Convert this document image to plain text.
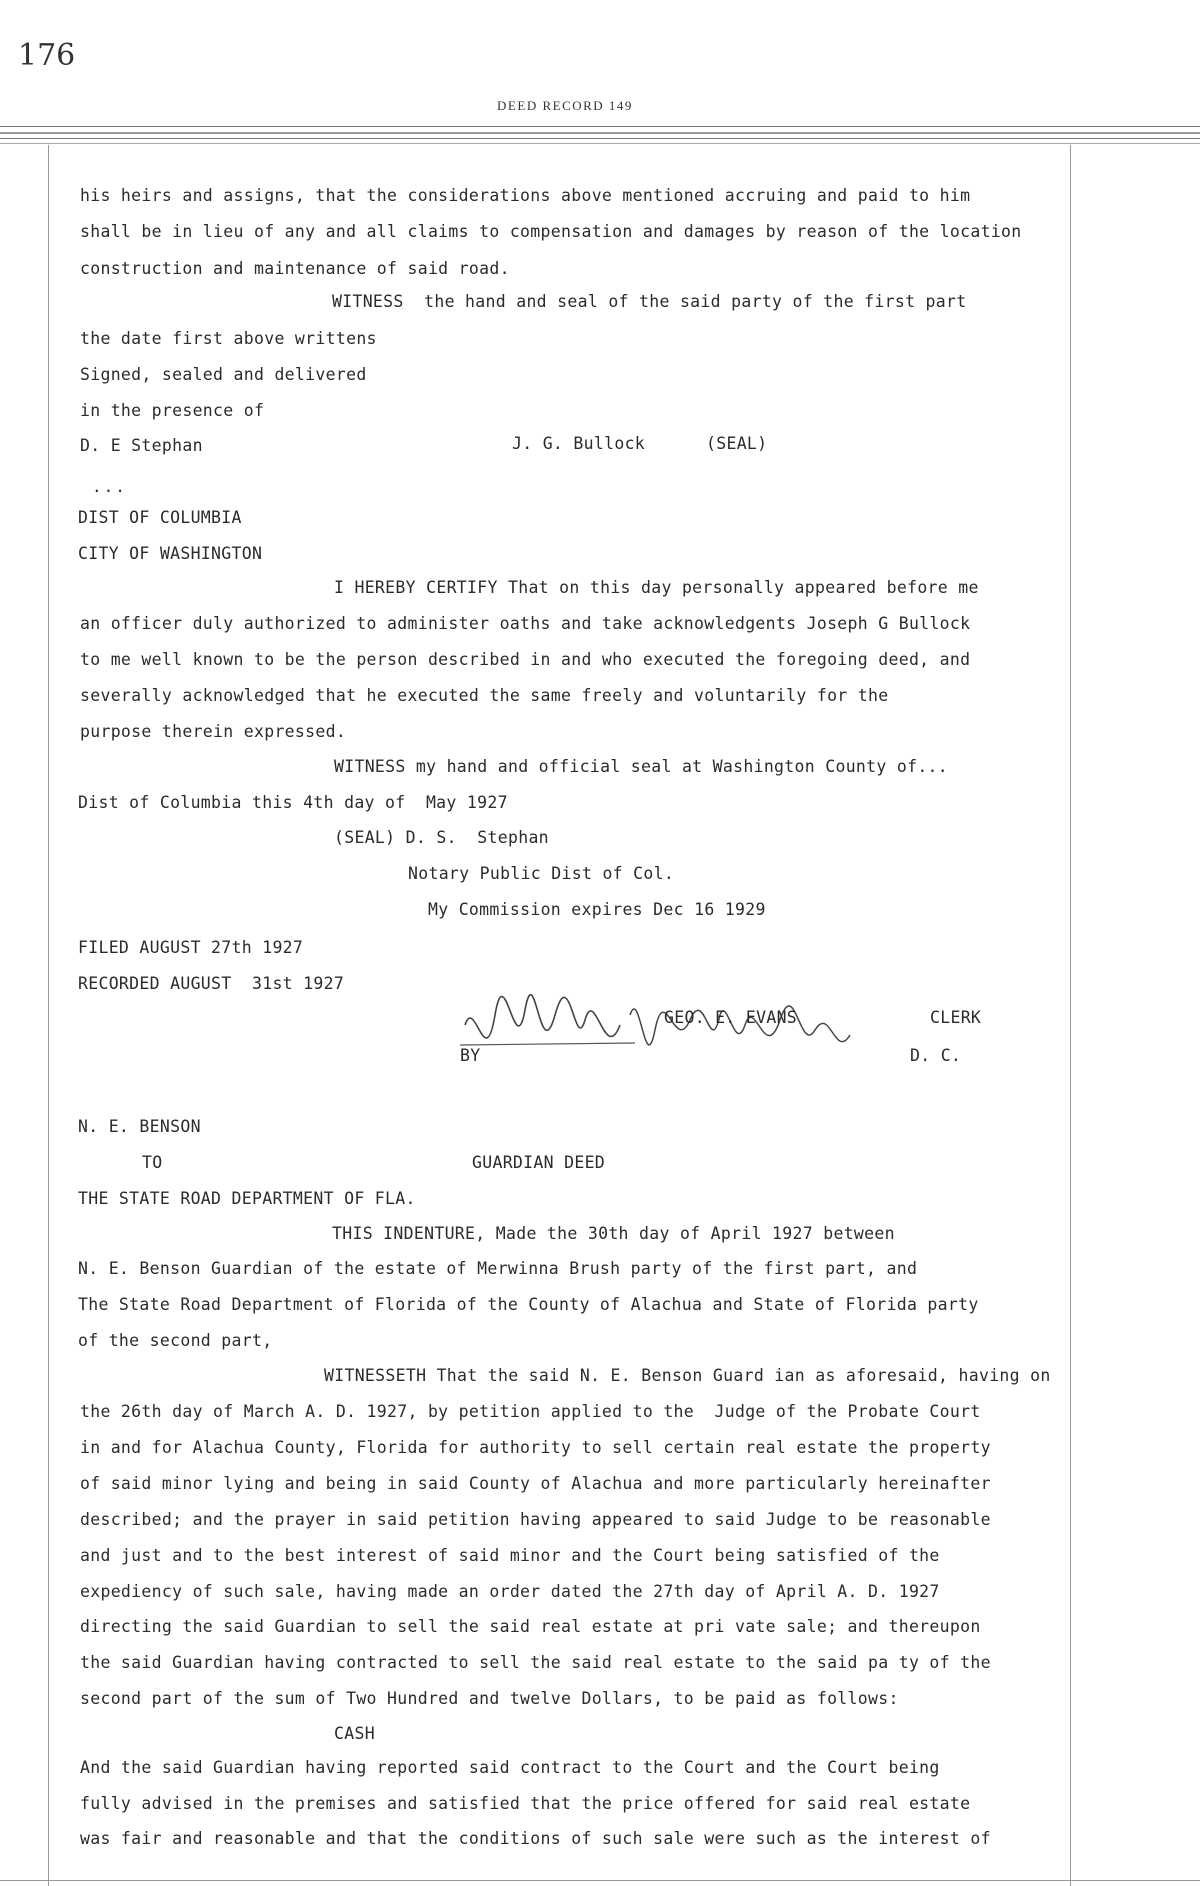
176
DEED RECORD 149
his heirs and assigns, that the considerations above mentioned accruing and paid to him
shall be in lieu of any and all claims to compensation and damages by reason of the location
construction and maintenance of said road.
WITNESS  the hand and seal of the said party of the first part
the date first above writtens
Signed, sealed and delivered
in the presence of
D. E Stephan	J. G. Bullock	(SEAL)
...
DIST OF COLUMBIA
CITY OF WASHINGTON
I HEREBY CERTIFY That on this day personally appeared before me
an officer duly authorized to administer oaths and take acknowledgents Joseph G Bullock
to me well known to be the person described in and who executed the foregoing deed, and
severally acknowledged that he executed the same freely and voluntarily for the
purpose therein expressed.
WITNESS my hand and official seal at Washington County of...
Dist of Columbia this 4th day of  May 1927
(SEAL) D. S.  Stephan
Notary Public Dist of Col.
My Commission expires Dec 16 1929
FILED AUGUST 27th 1927
RECORDED AUGUST  31st 1927
GEO. E. EVANS	CLERK
BY	D. C.
N. E. BENSON
TO	GUARDIAN DEED
THE STATE ROAD DEPARTMENT OF FLA.
THIS INDENTURE, Made the 30th day of April 1927 between
N. E. Benson Guardian of the estate of Merwinna Brush party of the first part, and
The State Road Department of Florida of the County of Alachua and State of Florida party
of the second part,
WITNESSETH That the said N. E. Benson Guard ian as aforesaid, having on
the 26th day of March A. D. 1927, by petition applied to the  Judge of the Probate Court
in and for Alachua County, Florida for authority to sell certain real estate the property
of said minor lying and being in said County of Alachua and more particularly hereinafter
described; and the prayer in said petition having appeared to said Judge to be reasonable
and just and to the best interest of said minor and the Court being satisfied of the
expediency of such sale, having made an order dated the 27th day of April A. D. 1927
directing the said Guardian to sell the said real estate at pri vate sale; and thereupon
the said Guardian having contracted to sell the said real estate to the said pa ty of the
second part of the sum of Two Hundred and twelve Dollars, to be paid as follows:
CASH
And the said Guardian having reported said contract to the Court and the Court being
fully advised in the premises and satisfied that the price offered for said real estate
was fair and reasonable and that the conditions of such sale were such as the interest of
